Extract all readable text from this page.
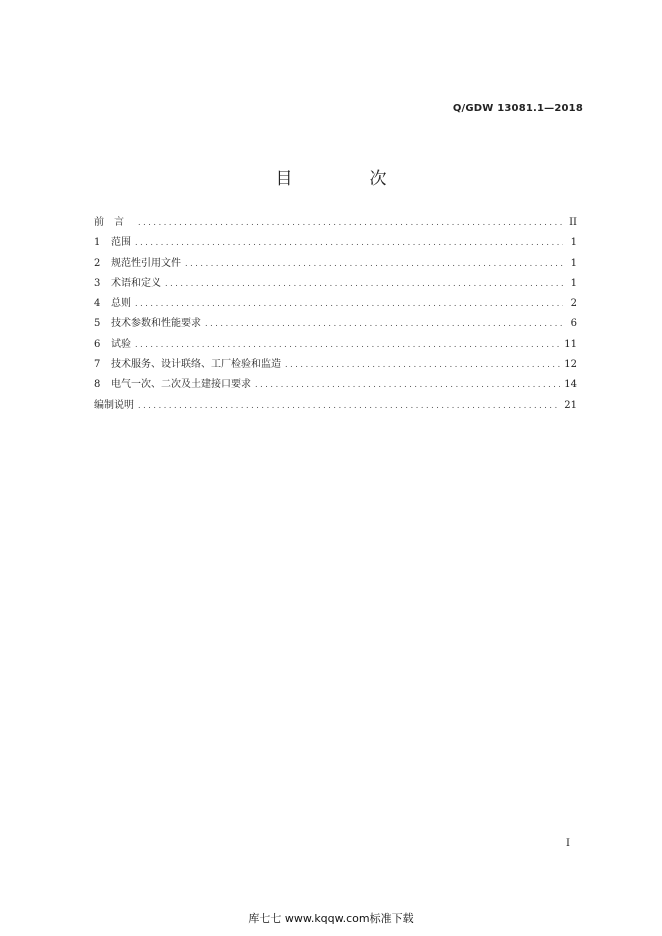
Q/GDW 13081.1—2018
目　次
前　言 .....	II
1	范围 .....	1
2	规范性引用文件 .....	1
3	术语和定义 .....	1
4	总则 .....	2
5	技术参数和性能要求 .....	6
6	试验 .....	11
7	技术服务、设计联络、工厂检验和监造 .....	12
8	电气一次、二次及土建接口要求 .....	14
编制说明 .....	21
I
库七七 www.kqqw.com标准下载
